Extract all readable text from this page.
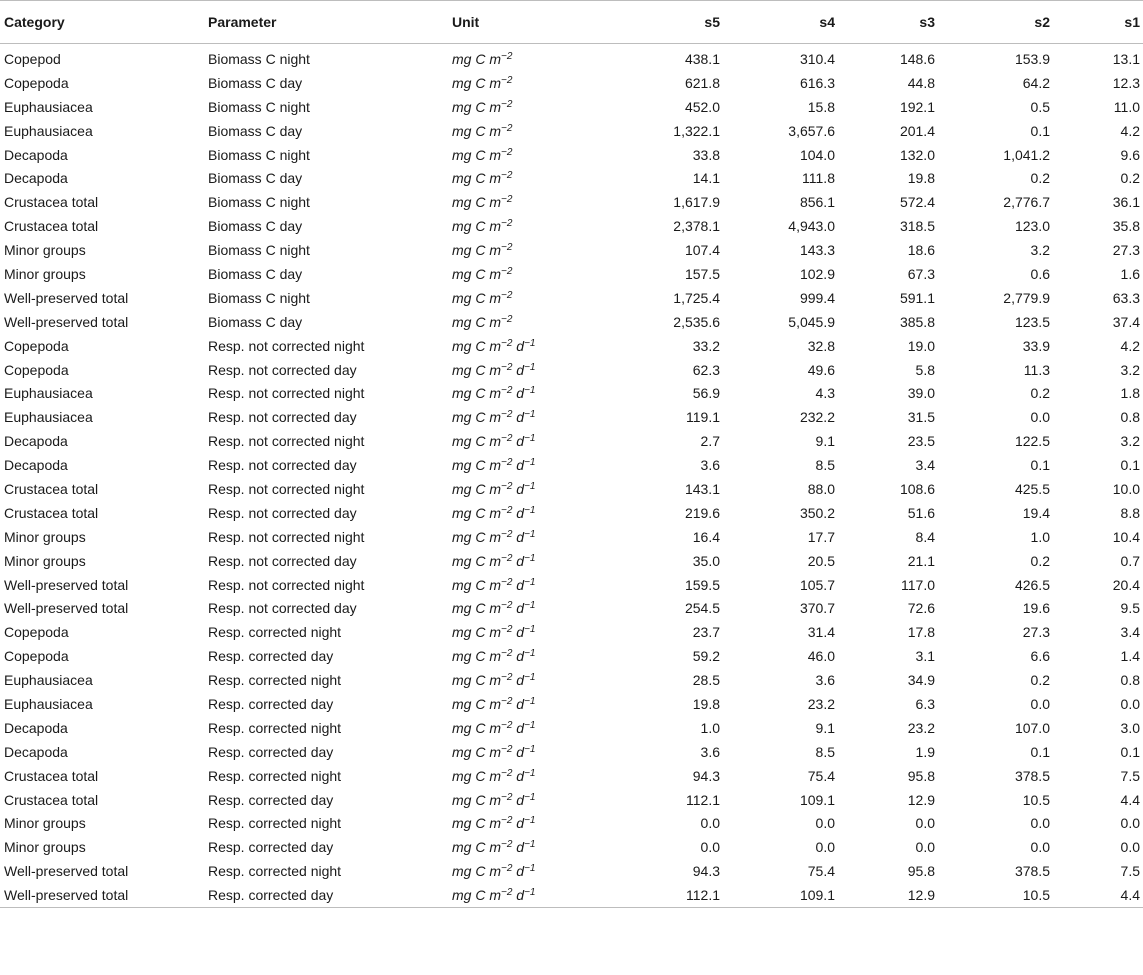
Category	Parameter	Unit	s5	s4	s3	s2	s1
Copepod	Biomass C night	mg C $m^{-2}$	438.1	310.4	148.6	153.9	13.1
Copepoda	Biomass C day	mg C $m^{-2}$	621.8	616.3	44.8	64.2	12.3
Euphausiacea	Biomass C night	mg C $m^{-2}$	452.0	15.8	192.1	0.5	11.0
Euphausiacea	Biomass C day	mg C $m^{-2}$	1,322.1	3,657.6	201.4	0.1	4.2
Decapoda	Biomass C night	mg C $m^{-2}$	33.8	104.0	132.0	1,041.2	9.6
Decapoda	Biomass C day	mg C $m^{-2}$	14.1	111.8	19.8	0.2	0.2
Crustacea total	Biomass C night	mg C $m^{-2}$	1,617.9	856.1	572.4	2,776.7	36.1
Crustacea total	Biomass C day	mg C $m^{-2}$	2,378.1	4,943.0	318.5	123.0	35.8
Minor groups	Biomass C night	mg C $m^{-2}$	107.4	143.3	18.6	3.2	27.3
Minor groups	Biomass C day	mg C $m^{-2}$	157.5	102.9	67.3	0.6	1.6
Well-preserved total	Biomass C night	mg C $m^{-2}$	1,725.4	999.4	591.1	2,779.9	63.3
Well-preserved total	Biomass C day	mg C $m^{-2}$	2,535.6	5,045.9	385.8	123.5	37.4
Copepoda	Resp. not corrected night	mg C $m^{-2}$ $d^{-1}$	33.2	32.8	19.0	33.9	4.2
Copepoda	Resp. not corrected day	mg C $m^{-2}$ $d^{-1}$	62.3	49.6	5.8	11.3	3.2
Euphausiacea	Resp. not corrected night	mg C $m^{-2}$ $d^{-1}$	56.9	4.3	39.0	0.2	1.8
Euphausiacea	Resp. not corrected day	mg C $m^{-2}$ $d^{-1}$	119.1	232.2	31.5	0.0	0.8
Decapoda	Resp. not corrected night	mg C $m^{-2}$ $d^{-1}$	2.7	9.1	23.5	122.5	3.2
Decapoda	Resp. not corrected day	mg C $m^{-2}$ $d^{-1}$	3.6	8.5	3.4	0.1	0.1
Crustacea total	Resp. not corrected night	mg C $m^{-2}$ $d^{-1}$	143.1	88.0	108.6	425.5	10.0
Crustacea total	Resp. not corrected day	mg C $m^{-2}$ $d^{-1}$	219.6	350.2	51.6	19.4	8.8
Minor groups	Resp. not corrected night	mg C $m^{-2}$ $d^{-1}$	16.4	17.7	8.4	1.0	10.4
Minor groups	Resp. not corrected day	mg C $m^{-2}$ $d^{-1}$	35.0	20.5	21.1	0.2	0.7
Well-preserved total	Resp. not corrected night	mg C $m^{-2}$ $d^{-1}$	159.5	105.7	117.0	426.5	20.4
Well-preserved total	Resp. not corrected day	mg C $m^{-2}$ $d^{-1}$	254.5	370.7	72.6	19.6	9.5
Copepoda	Resp. corrected night	mg C $m^{-2}$ $d^{-1}$	23.7	31.4	17.8	27.3	3.4
Copepoda	Resp. corrected day	mg C $m^{-2}$ $d^{-1}$	59.2	46.0	3.1	6.6	1.4
Euphausiacea	Resp. corrected night	mg C $m^{-2}$ $d^{-1}$	28.5	3.6	34.9	0.2	0.8
Euphausiacea	Resp. corrected day	mg C $m^{-2}$ $d^{-1}$	19.8	23.2	6.3	0.0	0.0
Decapoda	Resp. corrected night	mg C $m^{-2}$ $d^{-1}$	1.0	9.1	23.2	107.0	3.0
Decapoda	Resp. corrected day	mg C $m^{-2}$ $d^{-1}$	3.6	8.5	1.9	0.1	0.1
Crustacea total	Resp. corrected night	mg C $m^{-2}$ $d^{-1}$	94.3	75.4	95.8	378.5	7.5
Crustacea total	Resp. corrected day	mg C $m^{-2}$ $d^{-1}$	112.1	109.1	12.9	10.5	4.4
Minor groups	Resp. corrected night	mg C $m^{-2}$ $d^{-1}$	0.0	0.0	0.0	0.0	0.0
Minor groups	Resp. corrected day	mg C $m^{-2}$ $d^{-1}$	0.0	0.0	0.0	0.0	0.0
Well-preserved total	Resp. corrected night	mg C $m^{-2}$ $d^{-1}$	94.3	75.4	95.8	378.5	7.5
Well-preserved total	Resp. corrected day	mg C $m^{-2}$ $d^{-1}$	112.1	109.1	12.9	10.5	4.4
